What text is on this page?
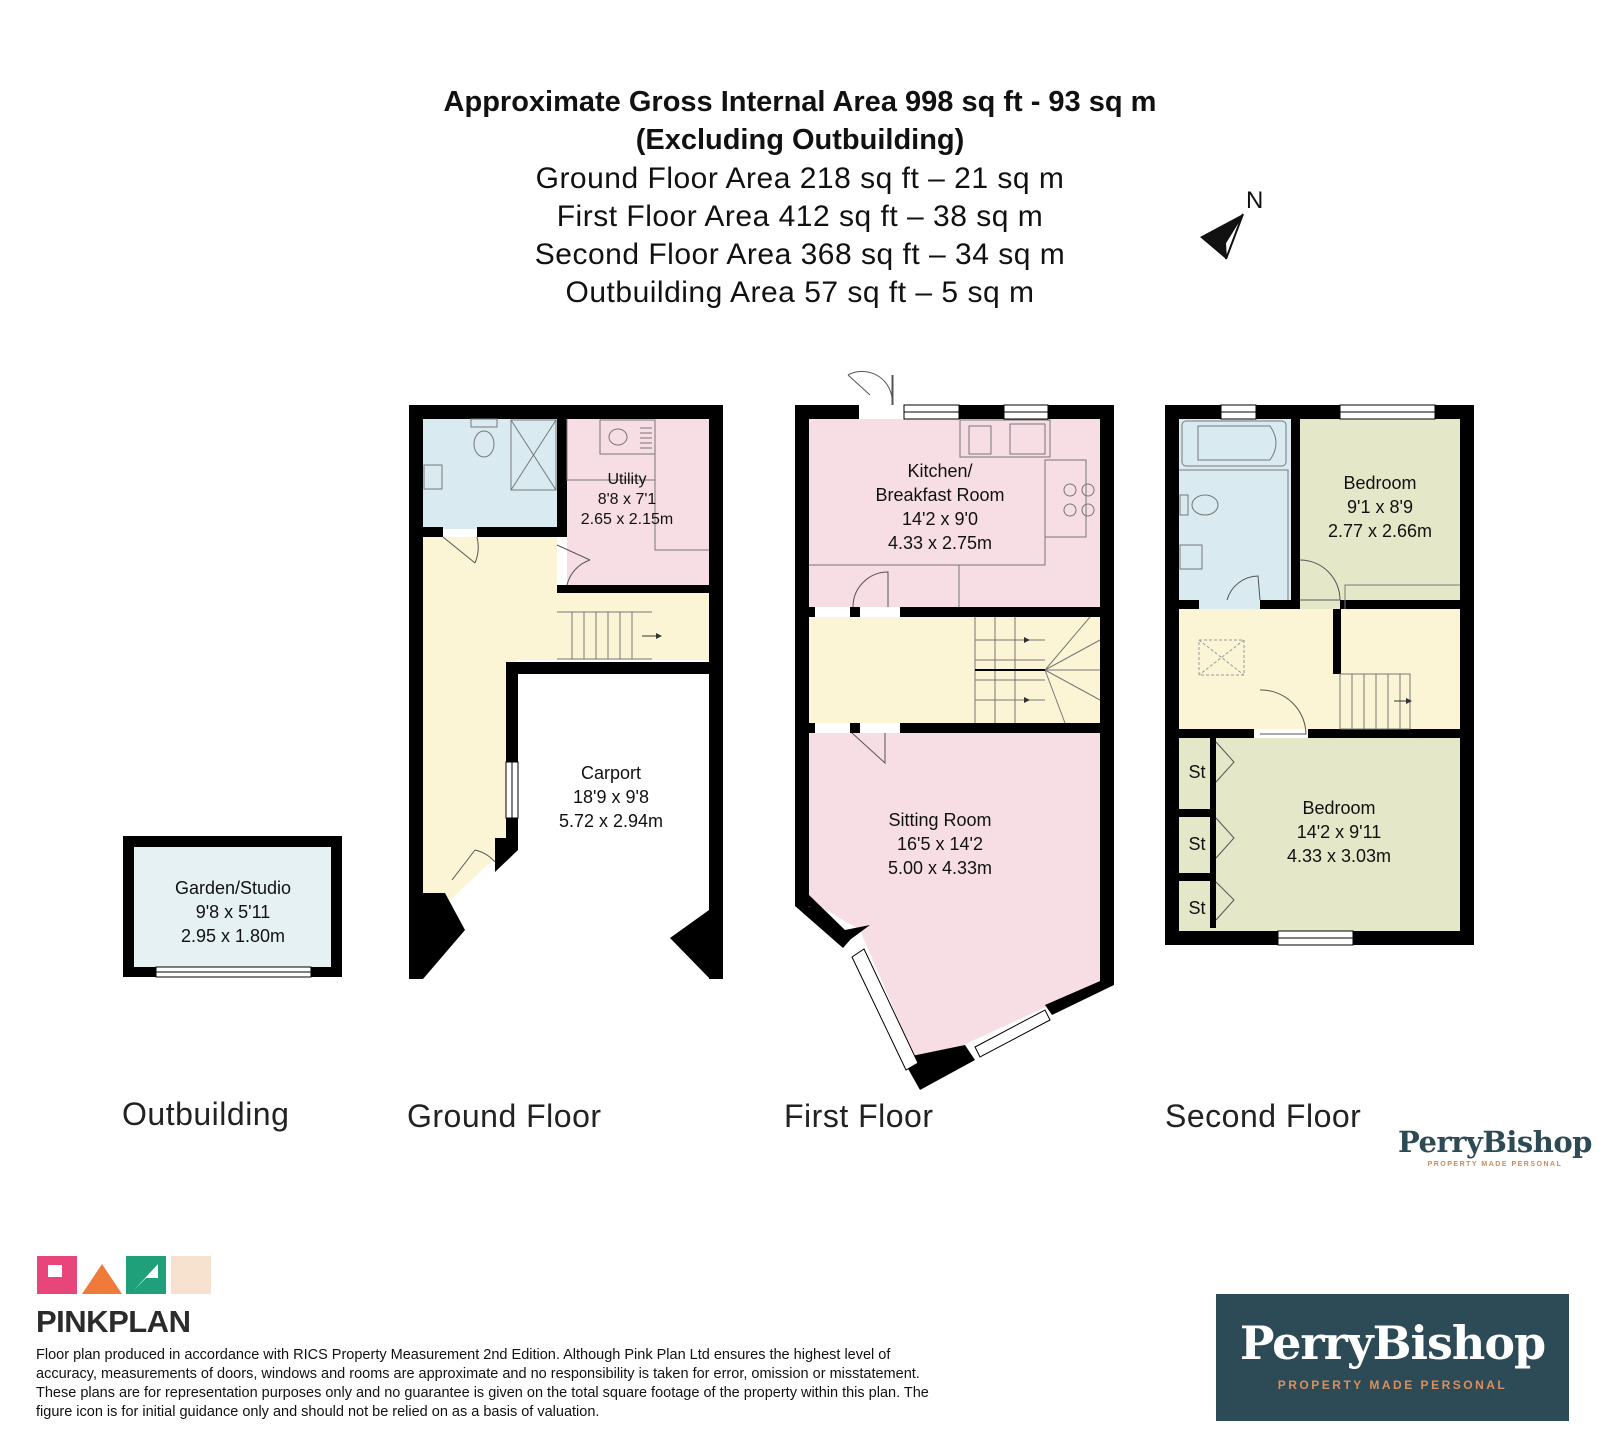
Approximate Gross Internal Area 998 sq ft - 93 sq m
(Excluding Outbuilding)
Ground Floor Area 218 sq ft – 21 sq m
First Floor Area 412 sq ft – 38 sq m
Second Floor Area 368 sq ft – 34 sq m
Outbuilding Area 57 sq ft – 5 sq m
N
Garden/Studio
9'8 x 5'11
2.95 x 1.80m
Utility
8'8 x 7'1
2.65 x 2.15m
Carport
18'9 x 9'8
5.72 x 2.94m
Kitchen/
Breakfast Room
14'2 x 9'0
4.33 x 2.75m
Sitting Room
16'5 x 14'2
5.00 x 4.33m
Bedroom
9'1 x 8'9
2.77 x 2.66m
Bedroom
14'2 x 9'11
4.33 x 3.03m
St
St
St
Outbuilding	Ground Floor	First Floor	Second Floor
PerryBishop
PROPERTY MADE PERSONAL
PINKPLAN
Floor plan produced in accordance with RICS Property Measurement 2nd Edition. Although Pink Plan Ltd ensures the highest level of accuracy, measurements of doors, windows and rooms are approximate and no responsibility is taken for error, omission or misstatement. These plans are for representation purposes only and no guarantee is given on the total square footage of the property within this plan. The figure icon is for initial guidance only and should not be relied on as a basis of valuation.
PerryBishop
PROPERTY MADE PERSONAL
